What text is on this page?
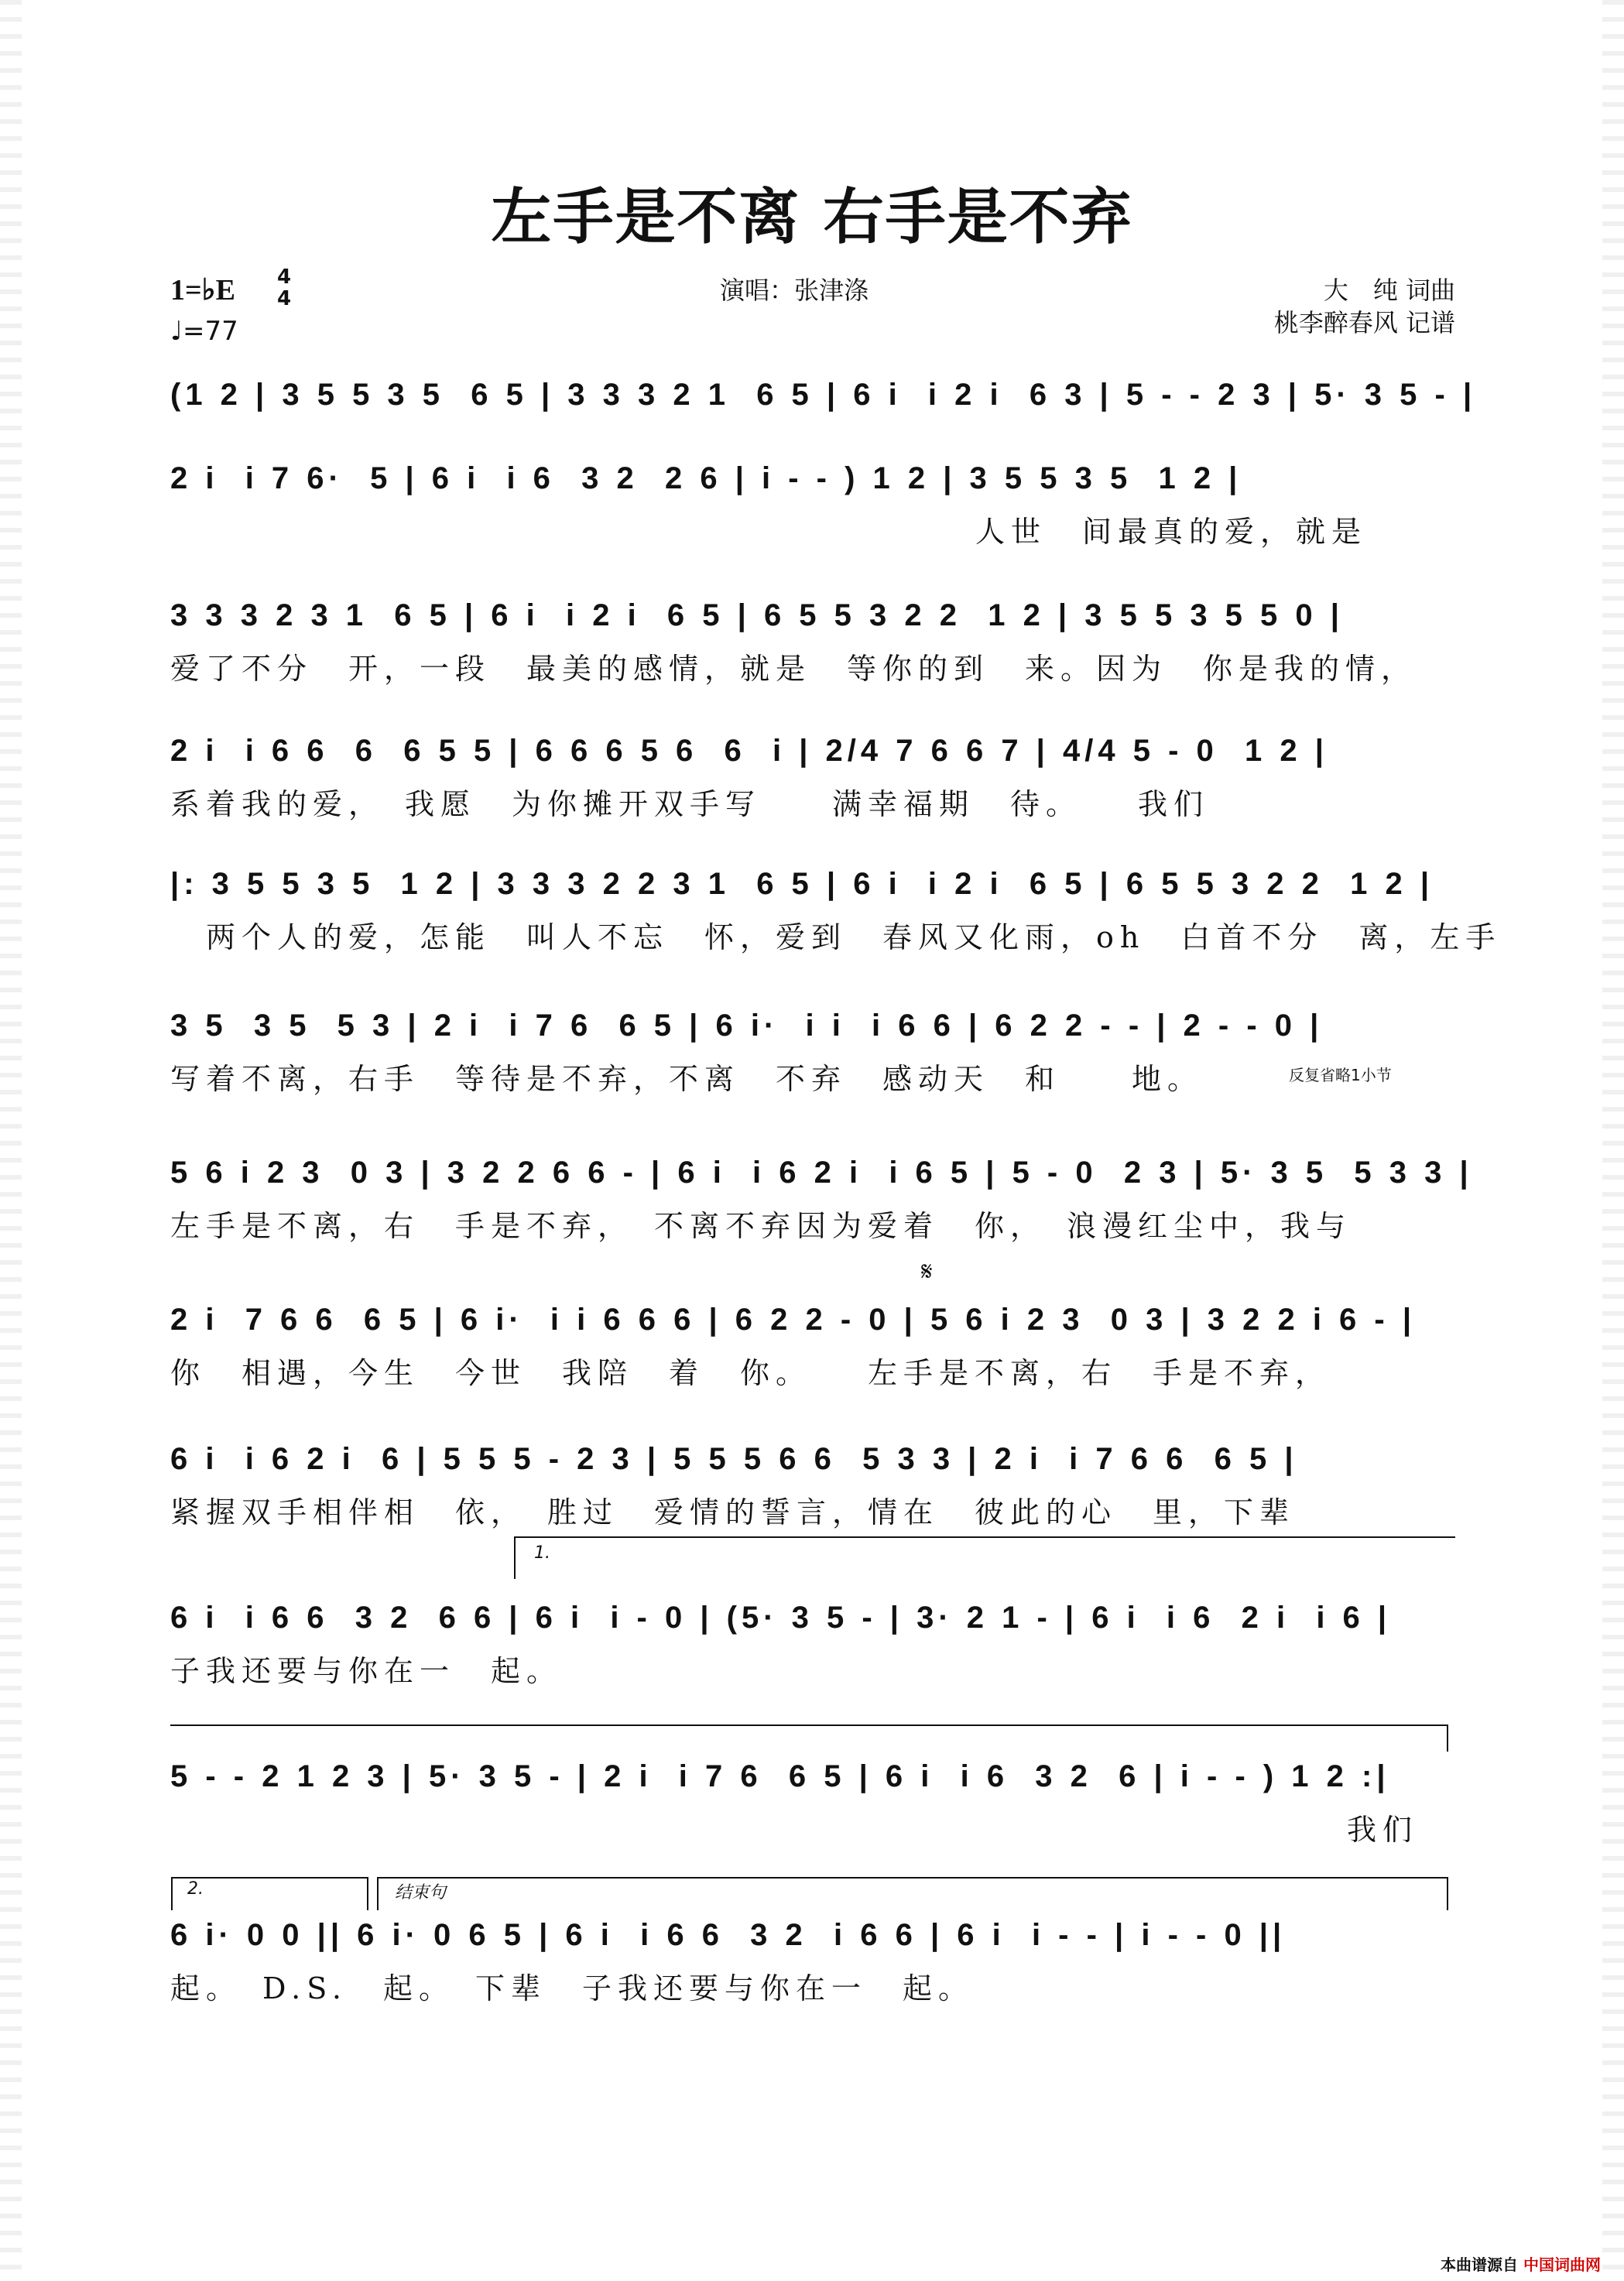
左手是不离 右手是不弃
1=♭E 4
4
♩=77
演唱：张津涤	大　纯 词曲
桃李醉春风 记谱
(1 2 | 3 5 5 3 5  6 5 | 3 3 3 2 1  6 5 | 6 i  i 2 i  6 3 | 5 - - 2 3 | 5· 3 5 - |
2 i  i 7 6·  5 | 6 i  i 6  3 2  2 6 | i - - ) 1 2 | 3 5 5 3 5  1 2 |
人世　间最真的爱，就是
3 3 3 2 3 1  6 5 | 6 i  i 2 i  6 5 | 6 5 5 3 2 2  1 2 | 3 5 5 3 5 5 0 |
爱了不分　开，一段　最美的感情，就是　等你的到　来。因为　你是我的情，
2 i  i 6 6  6  6 5 5 | 6 6 6 5 6  6  i | 2/4 7 6 6 7 | 4/4 5 - 0  1 2 |
系着我的爱，　我愿　为你摊开双手写　　满幸福期　待。　　我们
|: 3 5 5 3 5  1 2 | 3 3 3 2 2 3 1  6 5 | 6 i  i 2 i  6 5 | 6 5 5 3 2 2  1 2 |
　两个人的爱，怎能　叫人不忘　怀，爱到　春风又化雨，oh　白首不分　离，左手
3 5  3 5  5 3 | 2 i  i 7 6  6 5 | 6 i·  i i  i 6 6 | 6 2 2 - - | 2 - - 0 |
写着不离，右手　等待是不弃，不离　不弃　感动天　和　　地。	反复省略1小节
5 6 i 2 3  0 3 | 3 2 2 6 6 - | 6 i  i 6 2 i  i 6 5 | 5 - 0  2 3 | 5· 3 5  5 3 3 |
左手是不离，右　手是不弃，　不离不弃因为爱着　你，　浪漫红尘中，我与
𝄋
2 i  7 6 6  6 5 | 6 i·  i i 6 6 6 | 6 2 2 - 0 | 5 6 i 2 3  0 3 | 3 2 2 i 6 - |
你　相遇，今生　今世　我陪　着　你。　　左手是不离，右　手是不弃，
6 i  i 6 2 i  6 | 5 5 5 - 2 3 | 5 5 5 6 6  5 3 3 | 2 i  i 7 6 6  6 5 |
紧握双手相伴相　依，　胜过　爱情的誓言，情在　彼此的心　里，下辈
1.
6 i  i 6 6  3 2  6 6 | 6 i  i - 0 | (5· 3 5 - | 3· 2 1 - | 6 i  i 6  2 i  i 6 |
子我还要与你在一　起。
5 - - 2 1 2 3 | 5· 3 5 - | 2 i  i 7 6  6 5 | 6 i  i 6  3 2  6 | i - - ) 1 2 :|
我们
2.	结束句
6 i· 0 0 || 6 i· 0 6 5 | 6 i  i 6 6  3 2  i 6 6 | 6 i  i - - | i - - 0 ||
起。　D.S.　起。　下辈　子我还要与你在一　起。
本曲谱源自 中国词曲网
